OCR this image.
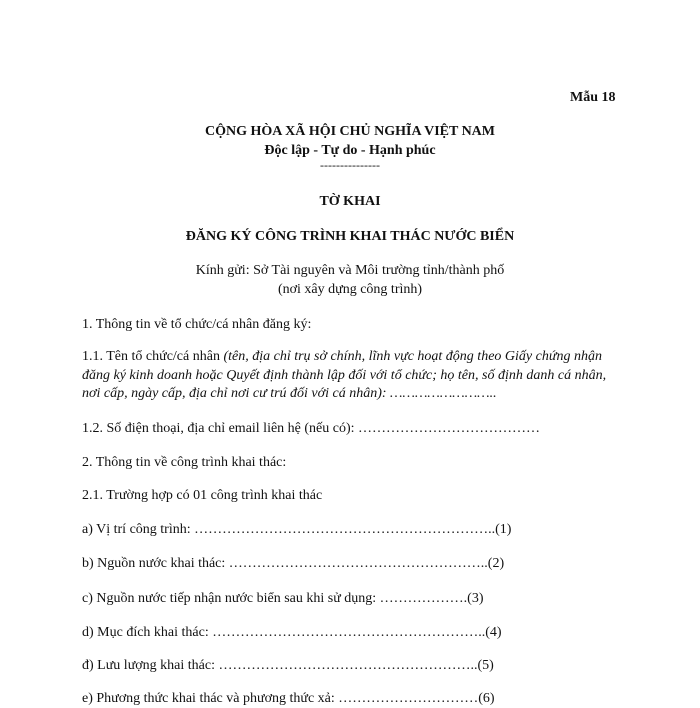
Mẫu 18
CỘNG HÒA XÃ HỘI CHỦ NGHĨA VIỆT NAM
Độc lập - Tự do - Hạnh phúc
---------------
TỜ KHAI
ĐĂNG KÝ CÔNG TRÌNH KHAI THÁC NƯỚC BIỂN
Kính gửi: Sở Tài nguyên và Môi trường tỉnh/thành phố
(nơi xây dựng công trình)
1. Thông tin về tổ chức/cá nhân đăng ký:
1.1. Tên tổ chức/cá nhân (tên, địa chỉ trụ sở chính, lĩnh vực hoạt động theo Giấy chứng nhận đăng ký kinh doanh hoặc Quyết định thành lập đối với tổ chức; họ tên, số định danh cá nhân, nơi cấp, ngày cấp, địa chỉ nơi cư trú đối với cá nhân): ……………………..
1.2. Số điện thoại, địa chỉ email liên hệ (nếu có): …………………………………
2. Thông tin về công trình khai thác:
2.1. Trường hợp có 01 công trình khai thác
a) Vị trí công trình: ………………………………………………………..(1)
b) Nguồn nước khai thác: ………………………………………………..(2)
c) Nguồn nước tiếp nhận nước biển sau khi sử dụng: ……………….(3)
d) Mục đích khai thác: …………………………………………………..(4)
đ) Lưu lượng khai thác: ………………………………………………..(5)
e) Phương thức khai thác và phương thức xả: …………………………(6)
